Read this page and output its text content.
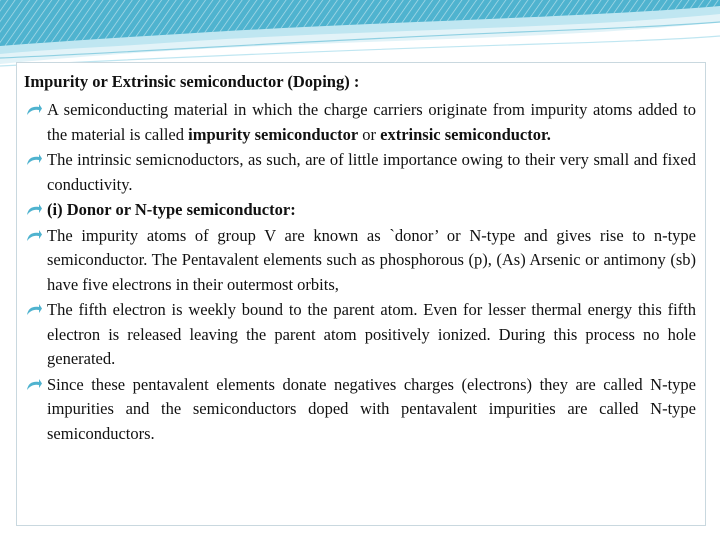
Impurity or Extrinsic semiconductor (Doping) :
A semiconducting material in which the charge carriers originate from impurity atoms added to the material is called impurity semiconductor or extrinsic semiconductor.
The intrinsic semicnoductors, as such, are of little importance owing to their very small and fixed conductivity.
(i) Donor or N-type semiconductor:
The impurity atoms of group V are known as `donor’ or N-type and gives rise to n-type semiconductor. The Pentavalent elements such as phosphorous (p), (As) Arsenic or antimony (sb) have five electrons in their outermost orbits,
The fifth electron is weekly bound to the parent atom. Even for lesser thermal energy this fifth electron is released leaving the parent atom positively ionized. During this process no hole generated.
Since these pentavalent elements donate negatives charges (electrons) they are called N-type impurities and the semiconductors doped with pentavalent impurities are called N-type semiconductors.
